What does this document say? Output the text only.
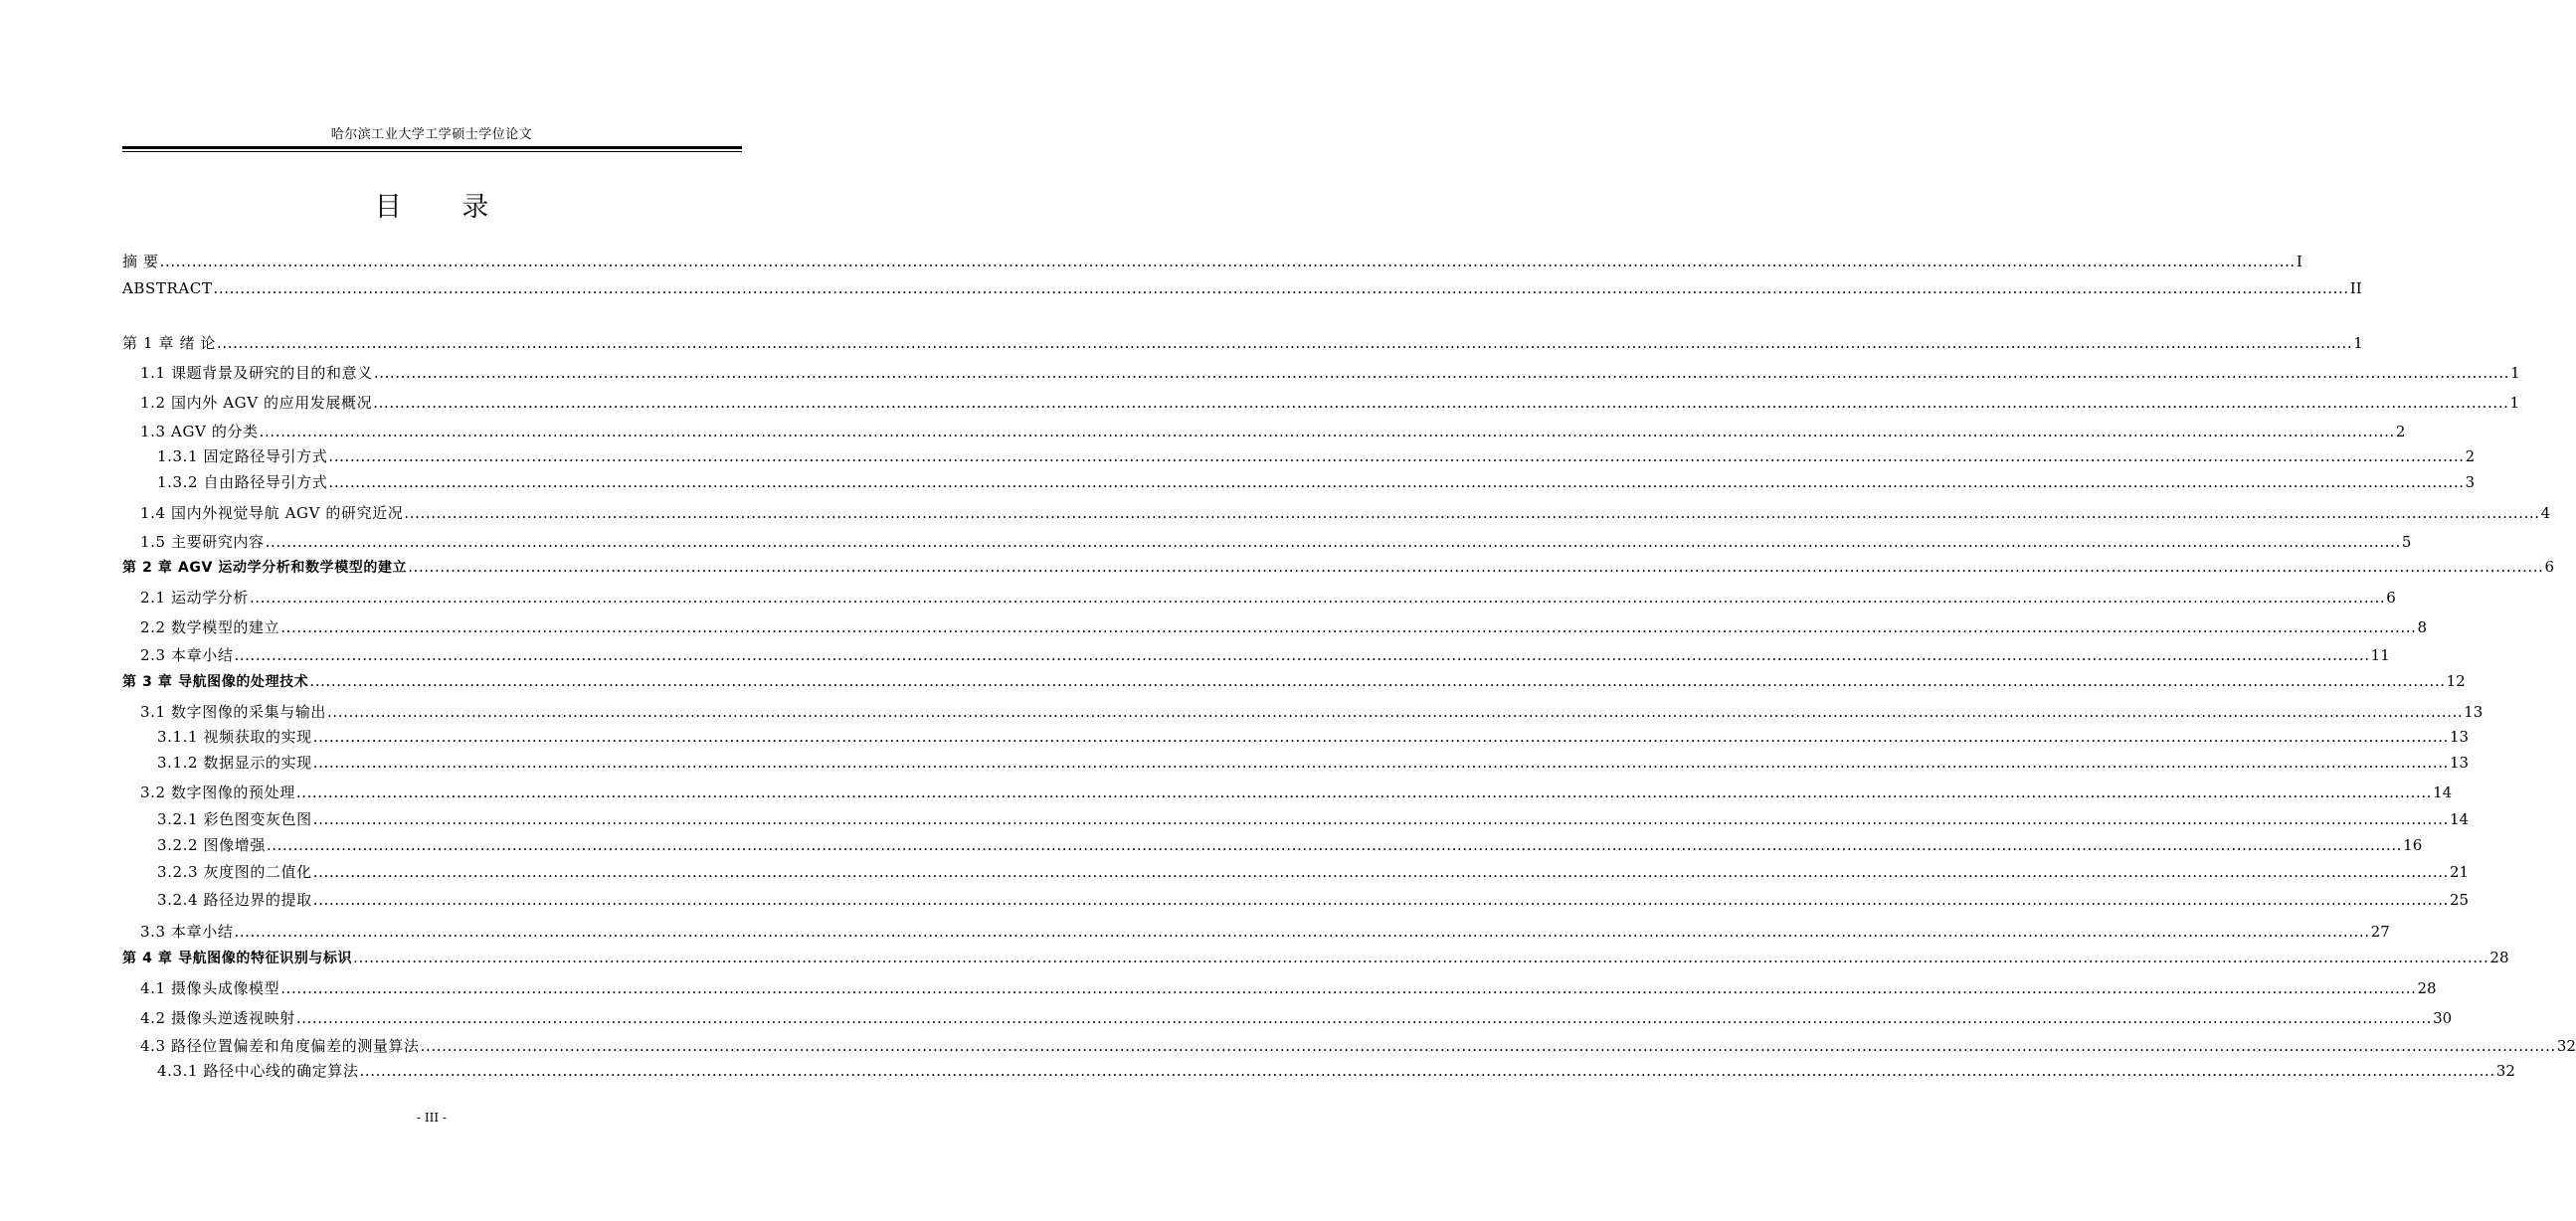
哈尔滨工业大学工学硕士学位论文
目 录
摘 要 ................................................................................................................................................................................................................................................................................................................................................................................................................ I
ABSTRACT ................................................................................................................................................................................................................................................................................................................................................................................................................ II
第 1 章 绪 论 ................................................................................................................................................................................................................................................................................................................................................................................................................ 1
1.1 课题背景及研究的目的和意义 ................................................................................................................................................................................................................................................................................................................................................................................................................ 1
1.2 国内外 AGV 的应用发展概况 ................................................................................................................................................................................................................................................................................................................................................................................................................ 1
1.3 AGV 的分类 ................................................................................................................................................................................................................................................................................................................................................................................................................ 2
1.3.1 固定路径导引方式 ................................................................................................................................................................................................................................................................................................................................................................................................................ 2
1.3.2 自由路径导引方式 ................................................................................................................................................................................................................................................................................................................................................................................................................ 3
1.4 国内外视觉导航 AGV 的研究近况 ................................................................................................................................................................................................................................................................................................................................................................................................................ 4
1.5 主要研究内容 ................................................................................................................................................................................................................................................................................................................................................................................................................ 5
第 2 章 AGV 运动学分析和数学模型的建立 ................................................................................................................................................................................................................................................................................................................................................................................................................ 6
2.1 运动学分析 ................................................................................................................................................................................................................................................................................................................................................................................................................ 6
2.2 数学模型的建立 ................................................................................................................................................................................................................................................................................................................................................................................................................ 8
2.3 本章小结 ................................................................................................................................................................................................................................................................................................................................................................................................................ 11
第 3 章 导航图像的处理技术 ................................................................................................................................................................................................................................................................................................................................................................................................................ 12
3.1 数字图像的采集与输出 ................................................................................................................................................................................................................................................................................................................................................................................................................ 13
3.1.1 视频获取的实现 ................................................................................................................................................................................................................................................................................................................................................................................................................ 13
3.1.2 数据显示的实现 ................................................................................................................................................................................................................................................................................................................................................................................................................ 13
3.2 数字图像的预处理 ................................................................................................................................................................................................................................................................................................................................................................................................................ 14
3.2.1 彩色图变灰色图 ................................................................................................................................................................................................................................................................................................................................................................................................................ 14
3.2.2 图像增强 ................................................................................................................................................................................................................................................................................................................................................................................................................ 16
3.2.3 灰度图的二值化 ................................................................................................................................................................................................................................................................................................................................................................................................................ 21
3.2.4 路径边界的提取 ................................................................................................................................................................................................................................................................................................................................................................................................................ 25
3.3 本章小结 ................................................................................................................................................................................................................................................................................................................................................................................................................ 27
第 4 章 导航图像的特征识别与标识 ................................................................................................................................................................................................................................................................................................................................................................................................................ 28
4.1 摄像头成像模型 ................................................................................................................................................................................................................................................................................................................................................................................................................ 28
4.2 摄像头逆透视映射 ................................................................................................................................................................................................................................................................................................................................................................................................................ 30
4.3 路径位置偏差和角度偏差的测量算法 ................................................................................................................................................................................................................................................................................................................................................................................................................ 32
4.3.1 路径中心线的确定算法 ................................................................................................................................................................................................................................................................................................................................................................................................................ 32
- III -
